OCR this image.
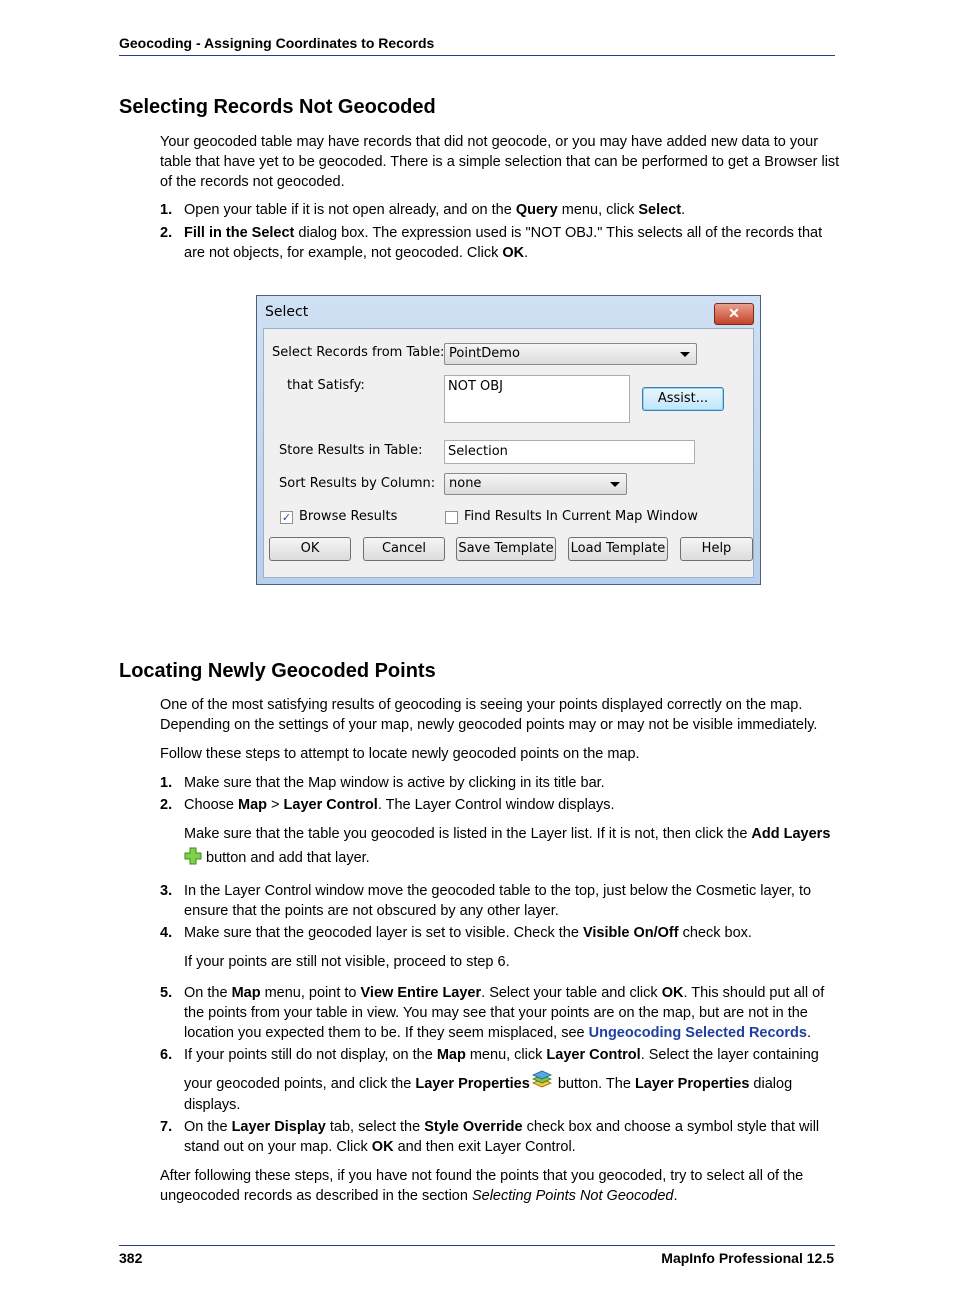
Geocoding - Assigning Coordinates to Records
Selecting Records Not Geocoded
Your geocoded table may have records that did not geocode, or you may have added new data to your table that have yet to be geocoded. There is a simple selection that can be performed to get a Browser list of the records not geocoded.
1. Open your table if it is not open already, and on the Query menu, click Select.
2. Fill in the Select dialog box. The expression used is "NOT OBJ." This selects all of the records that are not objects, for example, not geocoded. Click OK.
Select	✕
Select Records from Table: PointDemo
that Satisfy:	NOT OBJ
Assist...
Store Results in Table:	Selection
Sort Results by Column:	none
✓ Browse Results	Find Results In Current Map Window
OK	Cancel	Save Template Load Template	Help
Locating Newly Geocoded Points
One of the most satisfying results of geocoding is seeing your points displayed correctly on the map. Depending on the settings of your map, newly geocoded points may or may not be visible immediately.
Follow these steps to attempt to locate newly geocoded points on the map.
1. Make sure that the Map window is active by clicking in its title bar.
2. Choose Map > Layer Control. The Layer Control window displays.
Make sure that the table you geocoded is listed in the Layer list. If it is not, then click the Add Layers
button and add that layer.
3. In the Layer Control window move the geocoded table to the top, just below the Cosmetic layer, to ensure that the points are not obscured by any other layer.
4. Make sure that the geocoded layer is set to visible. Check the Visible On/Off check box.
If your points are still not visible, proceed to step 6.
5. On the Map menu, point to View Entire Layer. Select your table and click OK. This should put all of the points from your table in view. You may see that your points are on the map, but are not in the location you expected them to be. If they seem misplaced, see Ungeocoding Selected Records.
6. If your points still do not display, on the Map menu, click Layer Control. Select the layer containing
your geocoded points, and click the Layer Properties button. The Layer Properties dialog
displays.
7. On the Layer Display tab, select the Style Override check box and choose a symbol style that will stand out on your map. Click OK and then exit Layer Control.
After following these steps, if you have not found the points that you geocoded, try to select all of the ungeocoded records as described in the section Selecting Points Not Geocoded.
382	MapInfo Professional 12.5
